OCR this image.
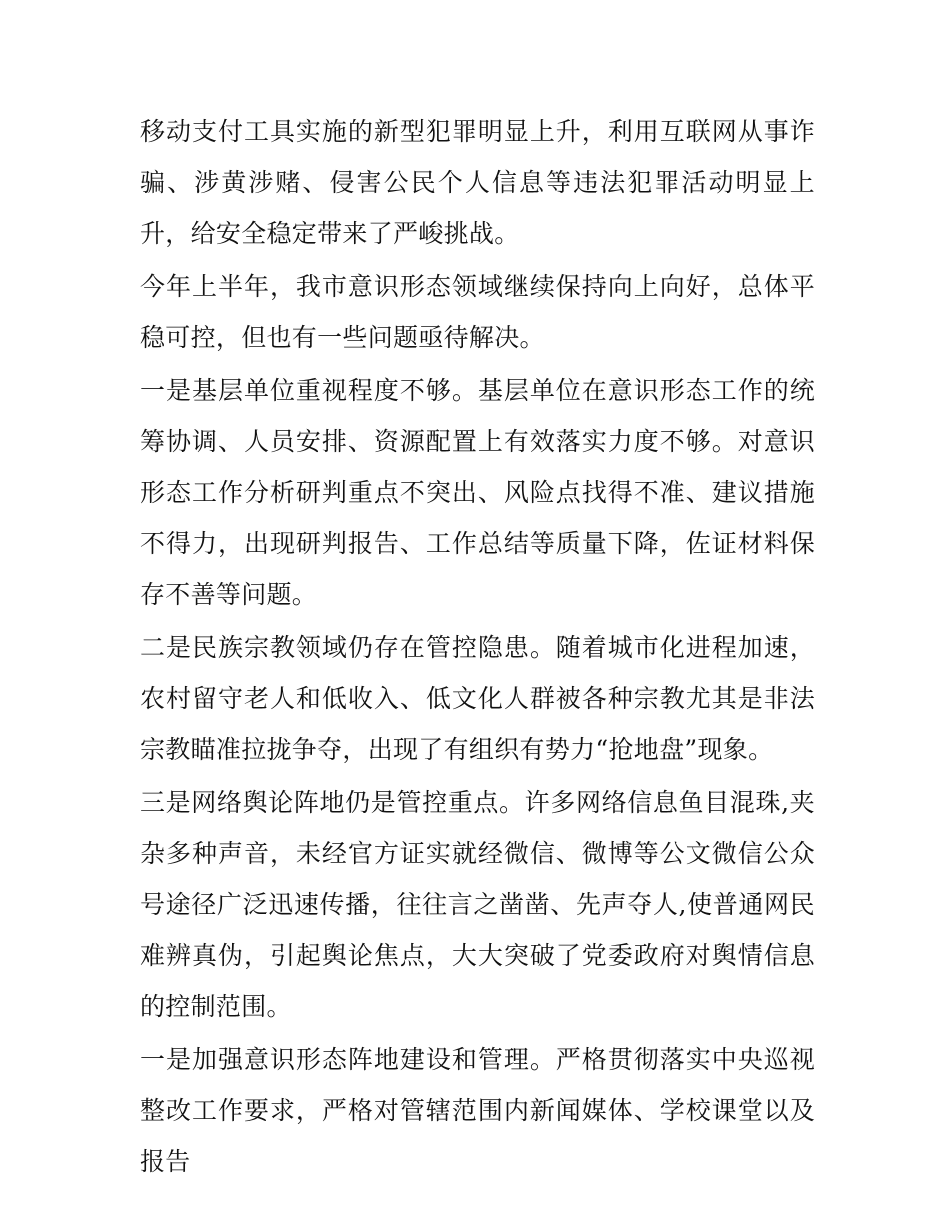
移动支付工具实施的新型犯罪明显上升，利用互联网从事诈骗、涉黄涉赌、侵害公民个人信息等违法犯罪活动明显上升，给安全稳定带来了严峻挑战。

今年上半年，我市意识形态领域继续保持向上向好，总体平稳可控，但也有一些问题亟待解决。

一是基层单位重视程度不够。基层单位在意识形态工作的统筹协调、人员安排、资源配置上有效落实力度不够。对意识形态工作分析研判重点不突出、风险点找得不准、建议措施不得力，出现研判报告、工作总结等质量下降，佐证材料保存不善等问题。

二是民族宗教领域仍存在管控隐患。随着城市化进程加速，农村留守老人和低收入、低文化人群被各种宗教尤其是非法宗教瞄准拉拢争夺，出现了有组织有势力“抢地盘”现象。

三是网络舆论阵地仍是管控重点。许多网络信息鱼目混珠,夹杂多种声音，未经官方证实就经微信、微博等公文微信公众号途径广泛迅速传播，往往言之凿凿、先声夺人,使普通网民难辨真伪，引起舆论焦点，大大突破了党委政府对舆情信息的控制范围。

一是加强意识形态阵地建设和管理。严格贯彻落实中央巡视整改工作要求，严格对管辖范围内新闻媒体、学校课堂以及报告
